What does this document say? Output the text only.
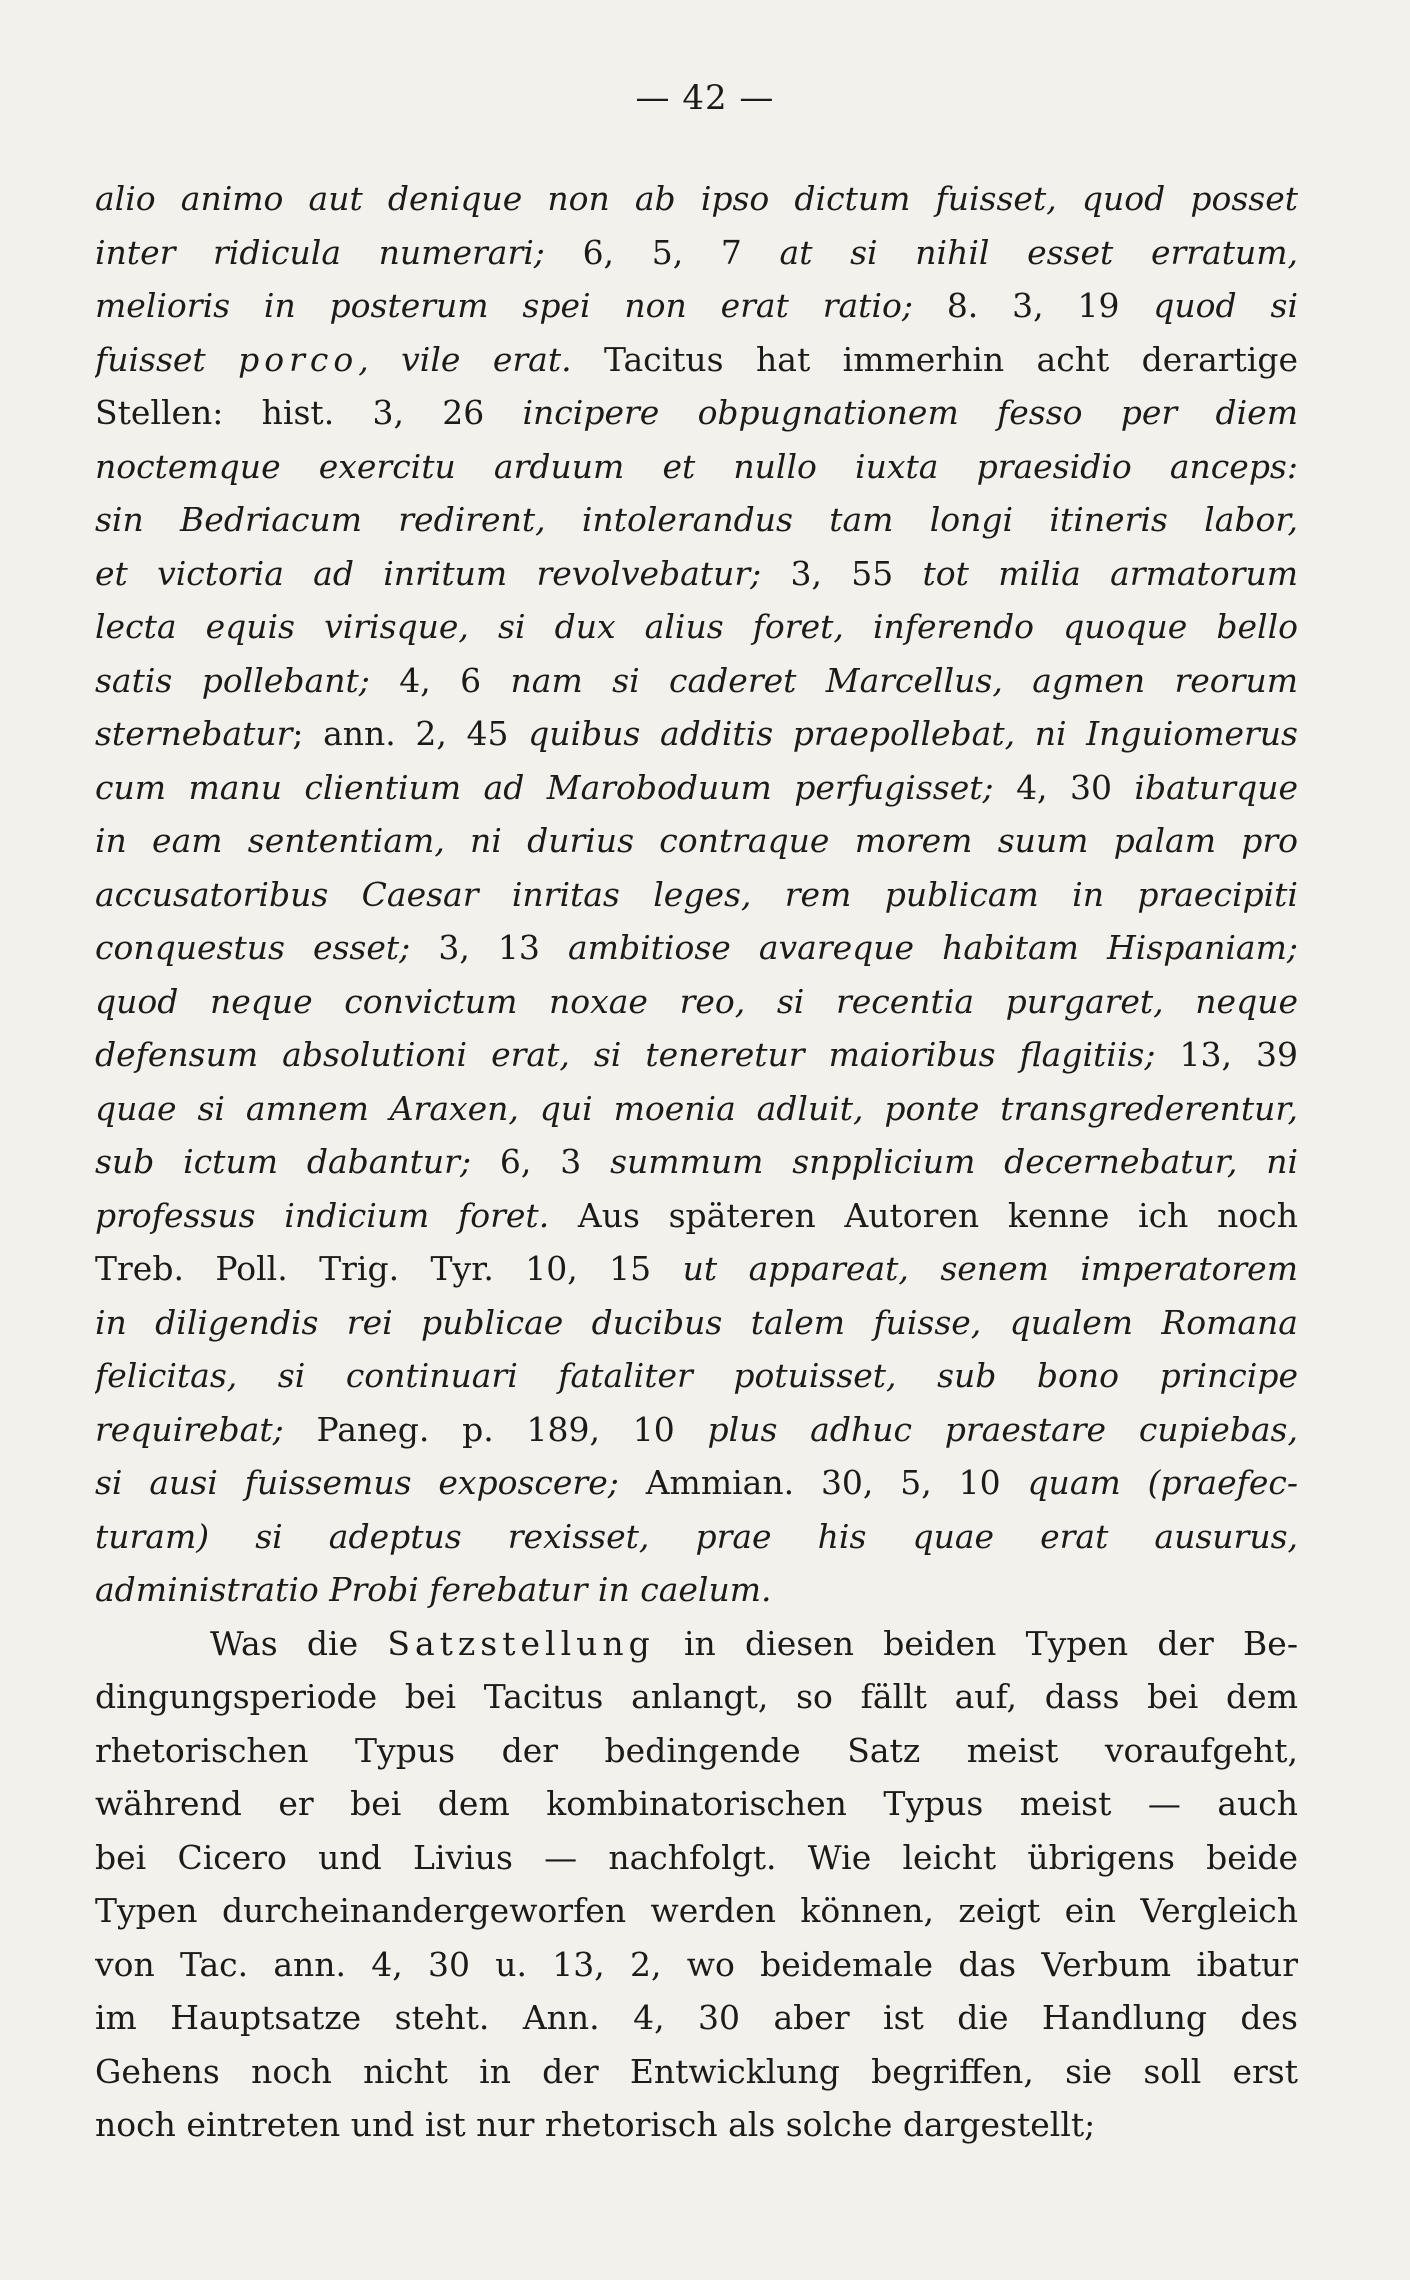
— 42 —
alio animo aut denique non ab ipso dictum fuisset, quod posset
inter ridicula numerari; 6, 5, 7 at si nihil esset erratum,
melioris in posterum spei non erat ratio; 8. 3, 19 quod si
fuisset porco, vile erat. Tacitus hat immerhin acht derartige
Stellen: hist. 3, 26 incipere obpugnationem fesso per diem
noctemque exercitu arduum et nullo iuxta praesidio anceps:
sin Bedriacum redirent, intolerandus tam longi itineris labor,
et victoria ad inritum revolvebatur; 3, 55 tot milia armatorum
lecta equis virisque, si dux alius foret, inferendo quoque bello
satis pollebant; 4, 6 nam si caderet Marcellus, agmen reorum
sternebatur; ann. 2, 45 quibus additis praepollebat, ni Inguiomerus
cum manu clientium ad Maroboduum perfugisset; 4, 30 ibaturque
in eam sententiam, ni durius contraque morem suum palam pro
accusatoribus Caesar inritas leges, rem publicam in praecipiti
conquestus esset; 3, 13 ambitiose avareque habitam Hispaniam;
quod neque convictum noxae reo, si recentia purgaret, neque
defensum absolutioni erat, si teneretur maioribus flagitiis; 13, 39
quae si amnem Araxen, qui moenia adluit, ponte transgrederentur,
sub ictum dabantur; 6, 3 summum snpplicium decernebatur, ni
professus indicium foret. Aus späteren Autoren kenne ich noch
Treb. Poll. Trig. Tyr. 10, 15 ut appareat, senem imperatorem
in diligendis rei publicae ducibus talem fuisse, qualem Romana
felicitas, si continuari fataliter potuisset, sub bono principe
requirebat; Paneg. p. 189, 10 plus adhuc praestare cupiebas,
si ausi fuissemus exposcere; Ammian. 30, 5, 10 quam (praefec-
turam) si adeptus rexisset, prae his quae erat ausurus,
administratio Probi ferebatur in caelum.
Was die Satzstellung in diesen beiden Typen der Be-
dingungsperiode bei Tacitus anlangt, so fällt auf, dass bei dem
rhetorischen Typus der bedingende Satz meist voraufgeht,
während er bei dem kombinatorischen Typus meist — auch
bei Cicero und Livius — nachfolgt. Wie leicht übrigens beide
Typen durcheinandergeworfen werden können, zeigt ein Vergleich
von Tac. ann. 4, 30 u. 13, 2, wo beidemale das Verbum ibatur
im Hauptsatze steht. Ann. 4, 30 aber ist die Handlung des
Gehens noch nicht in der Entwicklung begriffen, sie soll erst
noch eintreten und ist nur rhetorisch als solche dargestellt;
